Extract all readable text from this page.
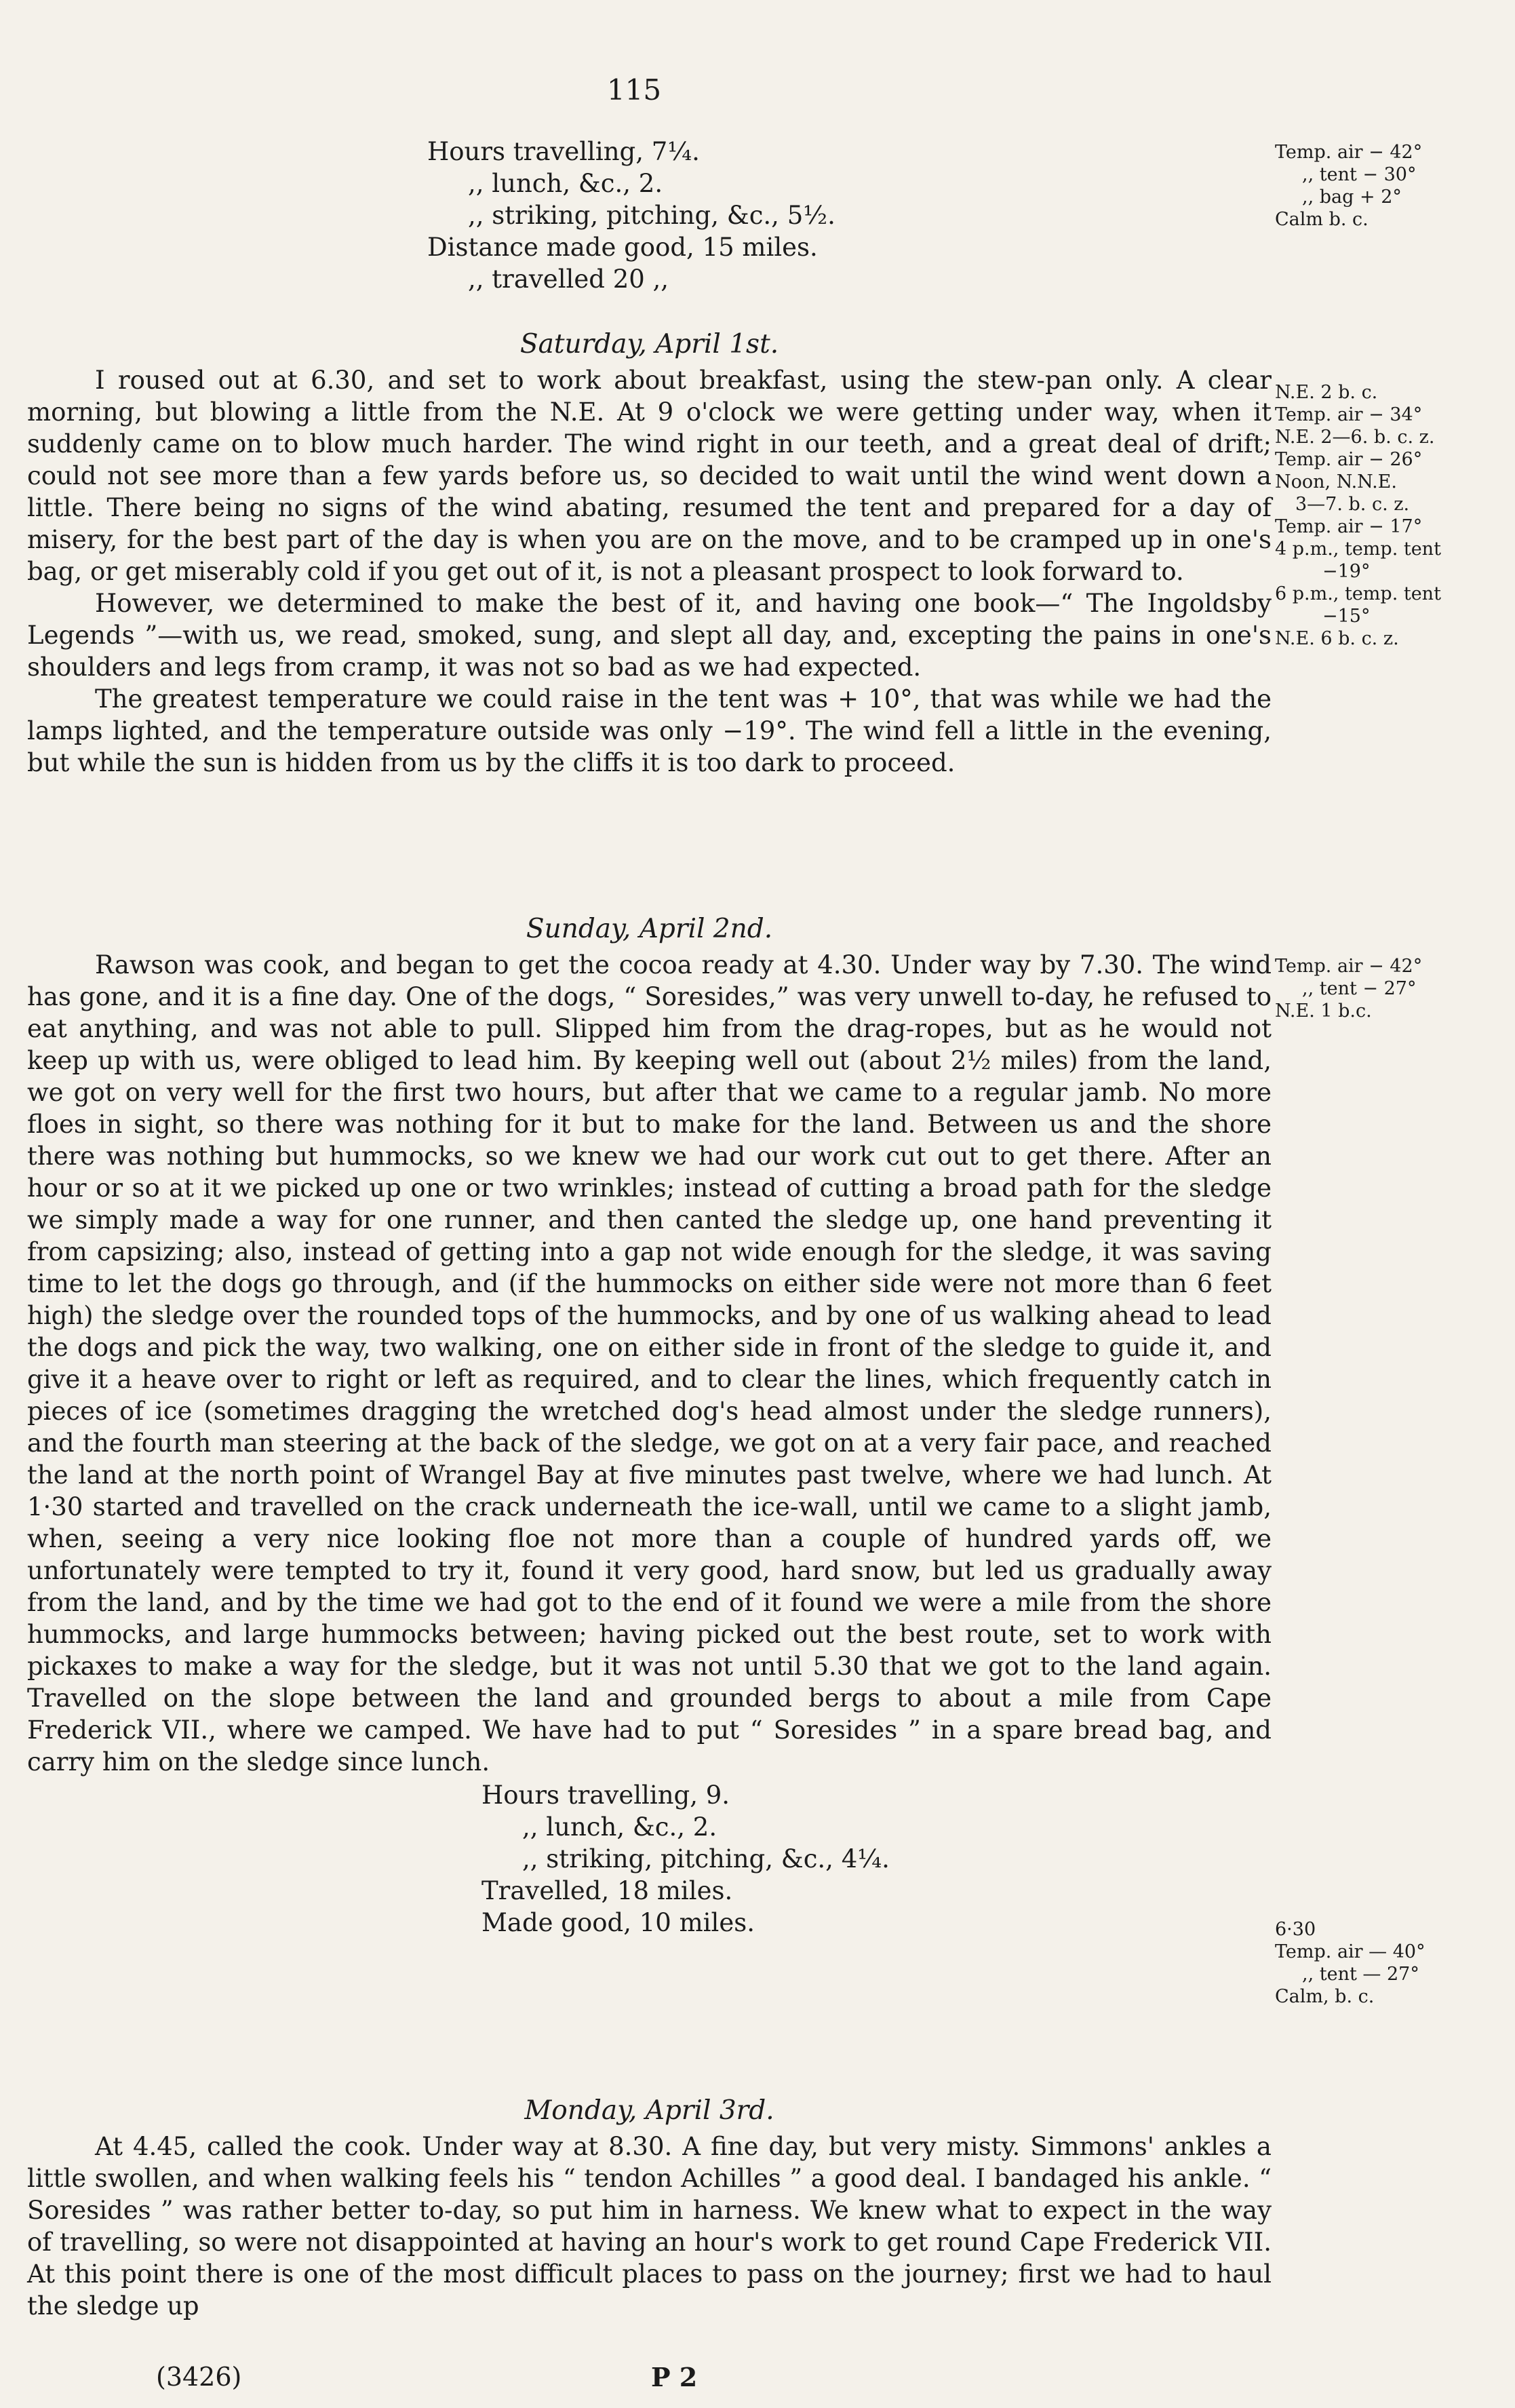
115
Hours travelling, 7¼.
,, lunch, &c., 2.
,, striking, pitching, &c., 5½.
Distance made good, 15 miles.
,, travelled 20 ,,
Temp. air − 42°
,, tent − 30°
,, bag + 2°
Calm b. c.
Saturday, April 1st.

I roused out at 6.30, and set to work about breakfast, using the stew-pan only. A clear morning, but blowing a little from the N.E. At 9 o'clock we were getting under way, when it suddenly came on to blow much harder. The wind right in our teeth, and a great deal of drift; could not see more than a few yards before us, so decided to wait until the wind went down a little. There being no signs of the wind abating, resumed the tent and prepared for a day of misery, for the best part of the day is when you are on the move, and to be cramped up in one's bag, or get miserably cold if you get out of it, is not a pleasant prospect to look forward to.

However, we determined to make the best of it, and having one book—“ The Ingoldsby Legends ”—with us, we read, smoked, sung, and slept all day, and, excepting the pains in one's shoulders and legs from cramp, it was not so bad as we had expected.

The greatest temperature we could raise in the tent was + 10°, that was while we had the lamps lighted, and the temperature outside was only −19°. The wind fell a little in the evening, but while the sun is hidden from us by the cliffs it is too dark to proceed.

N.E. 2 b. c.
Temp. air − 34°
N.E. 2—6. b. c. z.
Temp. air − 26°
Noon, N.N.E.
3—7. b. c. z.
Temp. air − 17°
4 p.m., temp. tent
−19°
6 p.m., temp. tent
−15°
N.E. 6 b. c. z.
Sunday, April 2nd.

Rawson was cook, and began to get the cocoa ready at 4.30. Under way by 7.30. The wind has gone, and it is a fine day. One of the dogs, “ Soresides,” was very unwell to-day, he refused to eat anything, and was not able to pull. Slipped him from the drag-ropes, but as he would not keep up with us, were obliged to lead him. By keeping well out (about 2½ miles) from the land, we got on very well for the first two hours, but after that we came to a regular jamb. No more floes in sight, so there was nothing for it but to make for the land. Between us and the shore there was nothing but hummocks, so we knew we had our work cut out to get there. After an hour or so at it we picked up one or two wrinkles; instead of cutting a broad path for the sledge we simply made a way for one runner, and then canted the sledge up, one hand preventing it from capsizing; also, instead of getting into a gap not wide enough for the sledge, it was saving time to let the dogs go through, and (if the hummocks on either side were not more than 6 feet high) the sledge over the rounded tops of the hummocks, and by one of us walking ahead to lead the dogs and pick the way, two walking, one on either side in front of the sledge to guide it, and give it a heave over to right or left as required, and to clear the lines, which frequently catch in pieces of ice (sometimes dragging the wretched dog's head almost under the sledge runners), and the fourth man steering at the back of the sledge, we got on at a very fair pace, and reached the land at the north point of Wrangel Bay at five minutes past twelve, where we had lunch. At 1·30 started and travelled on the crack underneath the ice-wall, until we came to a slight jamb, when, seeing a very nice looking floe not more than a couple of hundred yards off, we unfortunately were tempted to try it, found it very good, hard snow, but led us gradually away from the land, and by the time we had got to the end of it found we were a mile from the shore hummocks, and large hummocks between; having picked out the best route, set to work with pickaxes to make a way for the sledge, but it was not until 5.30 that we got to the land again. Travelled on the slope between the land and grounded bergs to about a mile from Cape Frederick VII., where we camped. We have had to put “ Soresides ” in a spare bread bag, and carry him on the sledge since lunch.

Hours travelling, 9.
,, lunch, &c., 2.
,, striking, pitching, &c., 4¼.
Travelled, 18 miles.
Made good, 10 miles.
Temp. air − 42°
,, tent − 27°
N.E. 1 b.c.
6·30
Temp. air — 40°
,, tent — 27°
Calm, b. c.
Monday, April 3rd.

At 4.45, called the cook. Under way at 8.30. A fine day, but very misty. Simmons' ankles a little swollen, and when walking feels his “ tendon Achilles ” a good deal. I bandaged his ankle. “ Soresides ” was rather better to-day, so put him in harness. We knew what to expect in the way of travelling, so were not disappointed at having an hour's work to get round Cape Frederick VII. At this point there is one of the most difficult places to pass on the journey; first we had to haul the sledge up

(3426)	P 2
